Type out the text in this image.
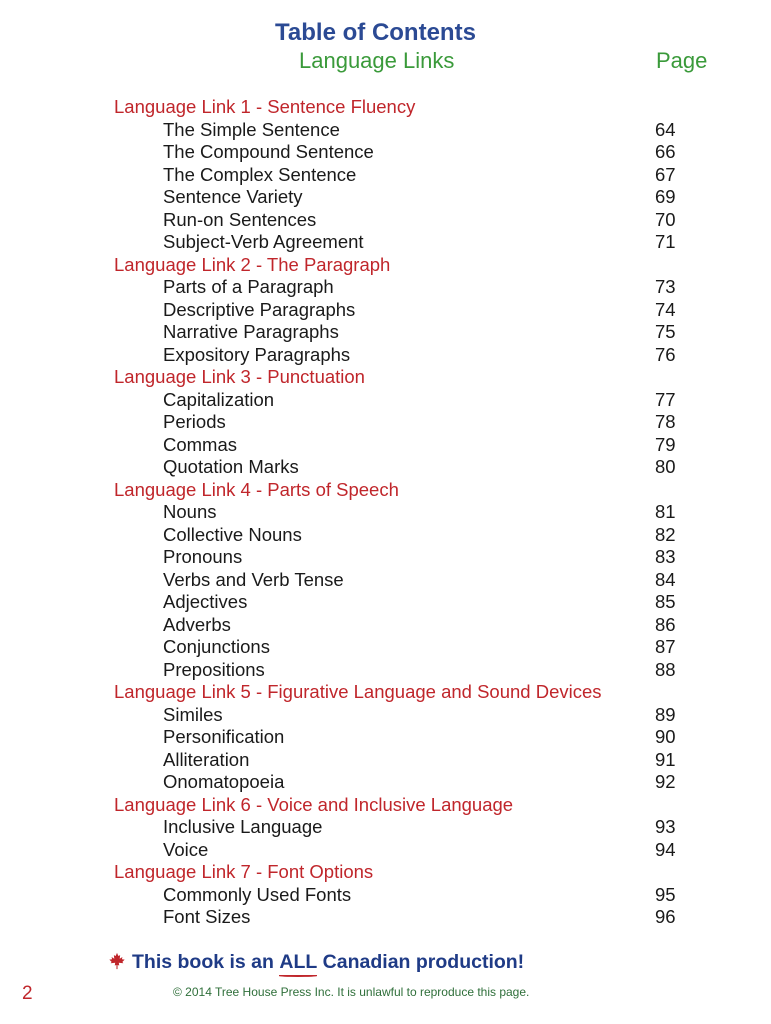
Table of Contents
Language Links	Page
Language Link 1 - Sentence Fluency
The Simple Sentence	64
The Compound Sentence	66
The Complex Sentence	67
Sentence Variety	69
Run-on Sentences	70
Subject-Verb Agreement	71
Language Link 2 - The Paragraph
Parts of a Paragraph	73
Descriptive Paragraphs	74
Narrative Paragraphs	75
Expository Paragraphs	76
Language Link 3 - Punctuation
Capitalization	77
Periods	78
Commas	79
Quotation Marks	80
Language Link 4 - Parts of Speech
Nouns	81
Collective Nouns	82
Pronouns	83
Verbs and Verb Tense	84
Adjectives	85
Adverbs	86
Conjunctions	87
Prepositions	88
Language Link 5 - Figurative Language and Sound Devices
Similes	89
Personification	90
Alliteration	91
Onomatopoeia	92
Language Link 6 - Voice and Inclusive Language
Inclusive Language	93
Voice	94
Language Link 7 - Font Options
Commonly Used Fonts	95
Font Sizes	96
This book is an ALL Canadian production!
2	© 2014 Tree House Press Inc. It is unlawful to reproduce this page.
